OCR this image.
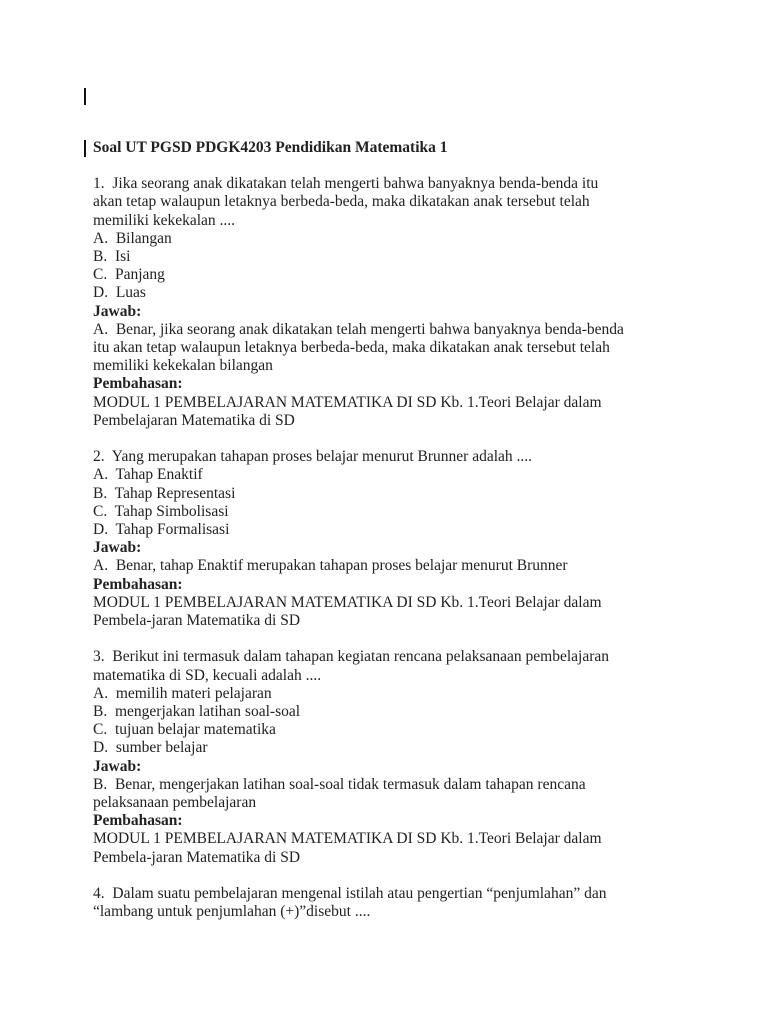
Soal UT PGSD PDGK4203 Pendidikan Matematika 1
1.  Jika seorang anak dikatakan telah mengerti bahwa banyaknya benda-benda itu
akan tetap walaupun letaknya berbeda-beda, maka dikatakan anak tersebut telah
memiliki kekekalan ....
A.  Bilangan
B.  Isi
C.  Panjang
D.  Luas
Jawab:
A.  Benar, jika seorang anak dikatakan telah mengerti bahwa banyaknya benda-benda
itu akan tetap walaupun letaknya berbeda-beda, maka dikatakan anak tersebut telah
memiliki kekekalan bilangan
Pembahasan:
MODUL 1 PEMBELAJARAN MATEMATIKA DI SD Kb. 1.Teori Belajar dalam
Pembelajaran Matematika di SD
2.  Yang merupakan tahapan proses belajar menurut Brunner adalah ....
A.  Tahap Enaktif
B.  Tahap Representasi
C.  Tahap Simbolisasi
D.  Tahap Formalisasi
Jawab:
A.  Benar, tahap Enaktif merupakan tahapan proses belajar menurut Brunner
Pembahasan:
MODUL 1 PEMBELAJARAN MATEMATIKA DI SD Kb. 1.Teori Belajar dalam
Pembela-jaran Matematika di SD
3.  Berikut ini termasuk dalam tahapan kegiatan rencana pelaksanaan pembelajaran
matematika di SD, kecuali adalah ....
A.  memilih materi pelajaran
B.  mengerjakan latihan soal-soal
C.  tujuan belajar matematika
D.  sumber belajar
Jawab:
B.  Benar, mengerjakan latihan soal-soal tidak termasuk dalam tahapan rencana
pelaksanaan pembelajaran
Pembahasan:
MODUL 1 PEMBELAJARAN MATEMATIKA DI SD Kb. 1.Teori Belajar dalam
Pembela-jaran Matematika di SD
4.  Dalam suatu pembelajaran mengenal istilah atau pengertian “penjumlahan” dan
“lambang untuk penjumlahan (+)”disebut ....
